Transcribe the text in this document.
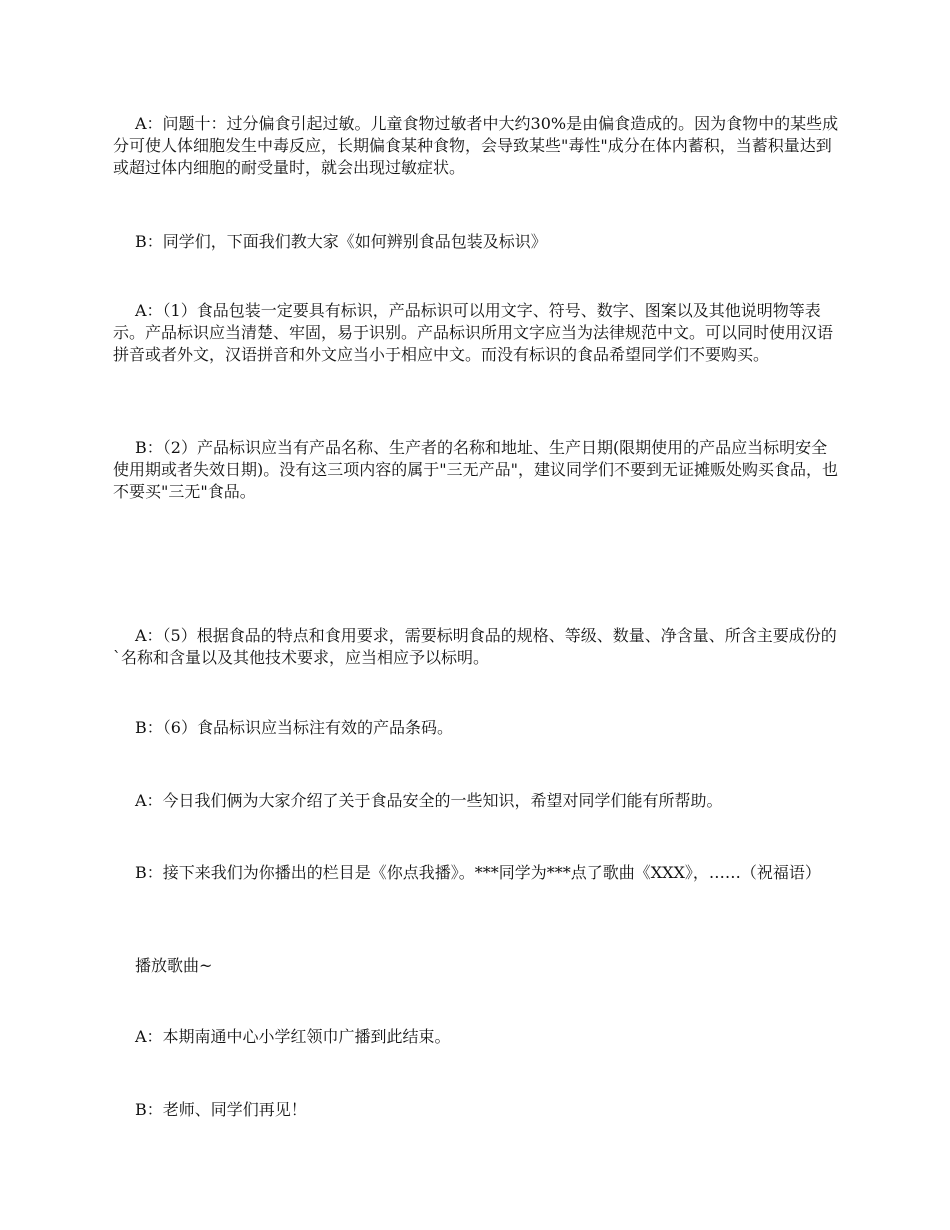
A：问题十：过分偏食引起过敏。儿童食物过敏者中大约30%是由偏食造成的。因为食物中的某些成分可使人体细胞发生中毒反应，长期偏食某种食物，会导致某些"毒性"成分在体内蓄积，当蓄积量达到或超过体内细胞的耐受量时，就会出现过敏症状。

B：同学们，下面我们教大家《如何辨别食品包装及标识》

A：（1）食品包装一定要具有标识，产品标识可以用文字、符号、数字、图案以及其他说明物等表示。产品标识应当清楚、牢固，易于识别。产品标识所用文字应当为法律规范中文。可以同时使用汉语拼音或者外文，汉语拼音和外文应当小于相应中文。而没有标识的食品希望同学们不要购买。

B：（2）产品标识应当有产品名称、生产者的名称和地址、生产日期(限期使用的产品应当标明安全使用期或者失效日期)。没有这三项内容的属于"三无产品"，建议同学们不要到无证摊贩处购买食品，也不要买"三无"食品。

A：（5）根据食品的特点和食用要求，需要标明食品的规格、等级、数量、净含量、所含主要成份的`名称和含量以及其他技术要求，应当相应予以标明。

B：（6）食品标识应当标注有效的产品条码。

A：今日我们俩为大家介绍了关于食品安全的一些知识，希望对同学们能有所帮助。

B：接下来我们为你播出的栏目是《你点我播》。***同学为***点了歌曲《XXX》，……（祝福语）

播放歌曲~

A：本期南通中心小学红领巾广播到此结束。

B：老师、同学们再见！
